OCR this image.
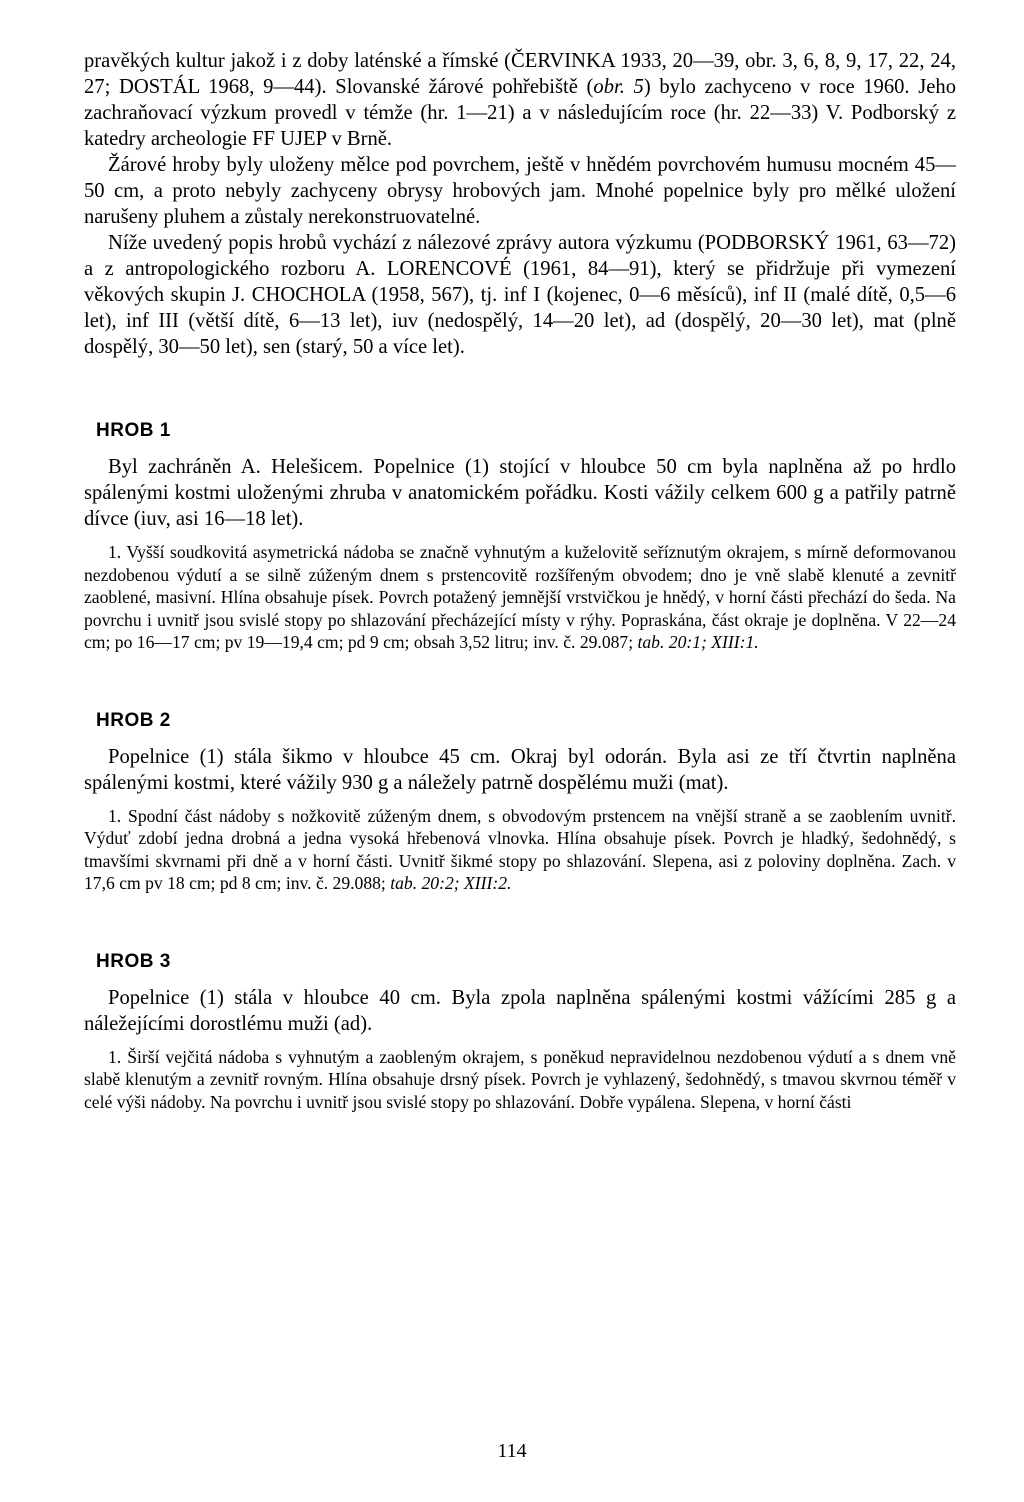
pravěkých kultur jakož i z doby laténské a římské (ČERVINKA 1933, 20—39, obr. 3, 6, 8, 9, 17, 22, 24, 27; DOSTÁL 1968, 9—44). Slovanské žárové pohřebiště (obr. 5) bylo zachyceno v roce 1960. Jeho zachraňovací výzkum provedl v témže (hr. 1—21) a v následujícím roce (hr. 22—33) V. Podborský z katedry archeologie FF UJEP v Brně.

Žárové hroby byly uloženy mělce pod povrchem, ještě v hnědém povrchovém humusu mocném 45—50 cm, a proto nebyly zachyceny obrysy hrobových jam. Mnohé popelnice byly pro mělké uložení narušeny pluhem a zůstaly nerekonstruovatelné.

Níže uvedený popis hrobů vychází z nálezové zprávy autora výzkumu (PODBORSKÝ 1961, 63—72) a z antropologického rozboru A. LORENCOVÉ (1961, 84—91), který se přidržuje při vymezení věkových skupin J. CHOCHOLA (1958, 567), tj. inf I (kojenec, 0—6 měsíců), inf II (malé dítě, 0,5—6 let), inf III (větší dítě, 6—13 let), iuv (nedospělý, 14—20 let), ad (dospělý, 20—30 let), mat (plně dospělý, 30—50 let), sen (starý, 50 a více let).

HROB 1

Byl zachráněn A. Helešicem. Popelnice (1) stojící v hloubce 50 cm byla naplněna až po hrdlo spálenými kostmi uloženými zhruba v anatomickém pořádku. Kosti vážily celkem 600 g a patřily patrně dívce (iuv, asi 16—18 let).

1. Vyšší soudkovitá asymetrická nádoba se značně vyhnutým a kuželovitě seříznutým okrajem, s mírně deformovanou nezdobenou výdutí a se silně zúženým dnem s prstencovitě rozšířeným obvodem; dno je vně slabě klenuté a zevnitř zaoblené, masivní. Hlína obsahuje písek. Povrch potažený jemnější vrstvičkou je hnědý, v horní části přechází do šeda. Na povrchu i uvnitř jsou svislé stopy po shlazování přecházející místy v rýhy. Popraskána, část okraje je doplněna. V 22—24 cm; po 16—17 cm; pv 19—19,4 cm; pd 9 cm; obsah 3,52 litru; inv. č. 29.087; tab. 20:1; XIII:1.

HROB 2

Popelnice (1) stála šikmo v hloubce 45 cm. Okraj byl odorán. Byla asi ze tří čtvrtin naplněna spálenými kostmi, které vážily 930 g a náležely patrně dospělému muži (mat).

1. Spodní část nádoby s nožkovitě zúženým dnem, s obvodovým prstencem na vnější straně a se zaoblením uvnitř. Výduť zdobí jedna drobná a jedna vysoká hřebenová vlnovka. Hlína obsahuje písek. Povrch je hladký, šedohnědý, s tmavšími skvrnami při dně a v horní části. Uvnitř šikmé stopy po shlazování. Slepena, asi z poloviny doplněna. Zach. v 17,6 cm pv 18 cm; pd 8 cm; inv. č. 29.088; tab. 20:2; XIII:2.

HROB 3

Popelnice (1) stála v hloubce 40 cm. Byla zpola naplněna spálenými kostmi vážícími 285 g a náležejícími dorostlému muži (ad).

1. Širší vejčitá nádoba s vyhnutým a zaobleným okrajem, s poněkud nepravidelnou nezdobenou výdutí a s dnem vně slabě klenutým a zevnitř rovným. Hlína obsahuje drsný písek. Povrch je vyhlazený, šedohnědý, s tmavou skvrnou téměř v celé výši nádoby. Na povrchu i uvnitř jsou svislé stopy po shlazování. Dobře vypálena. Slepena, v horní části

114
